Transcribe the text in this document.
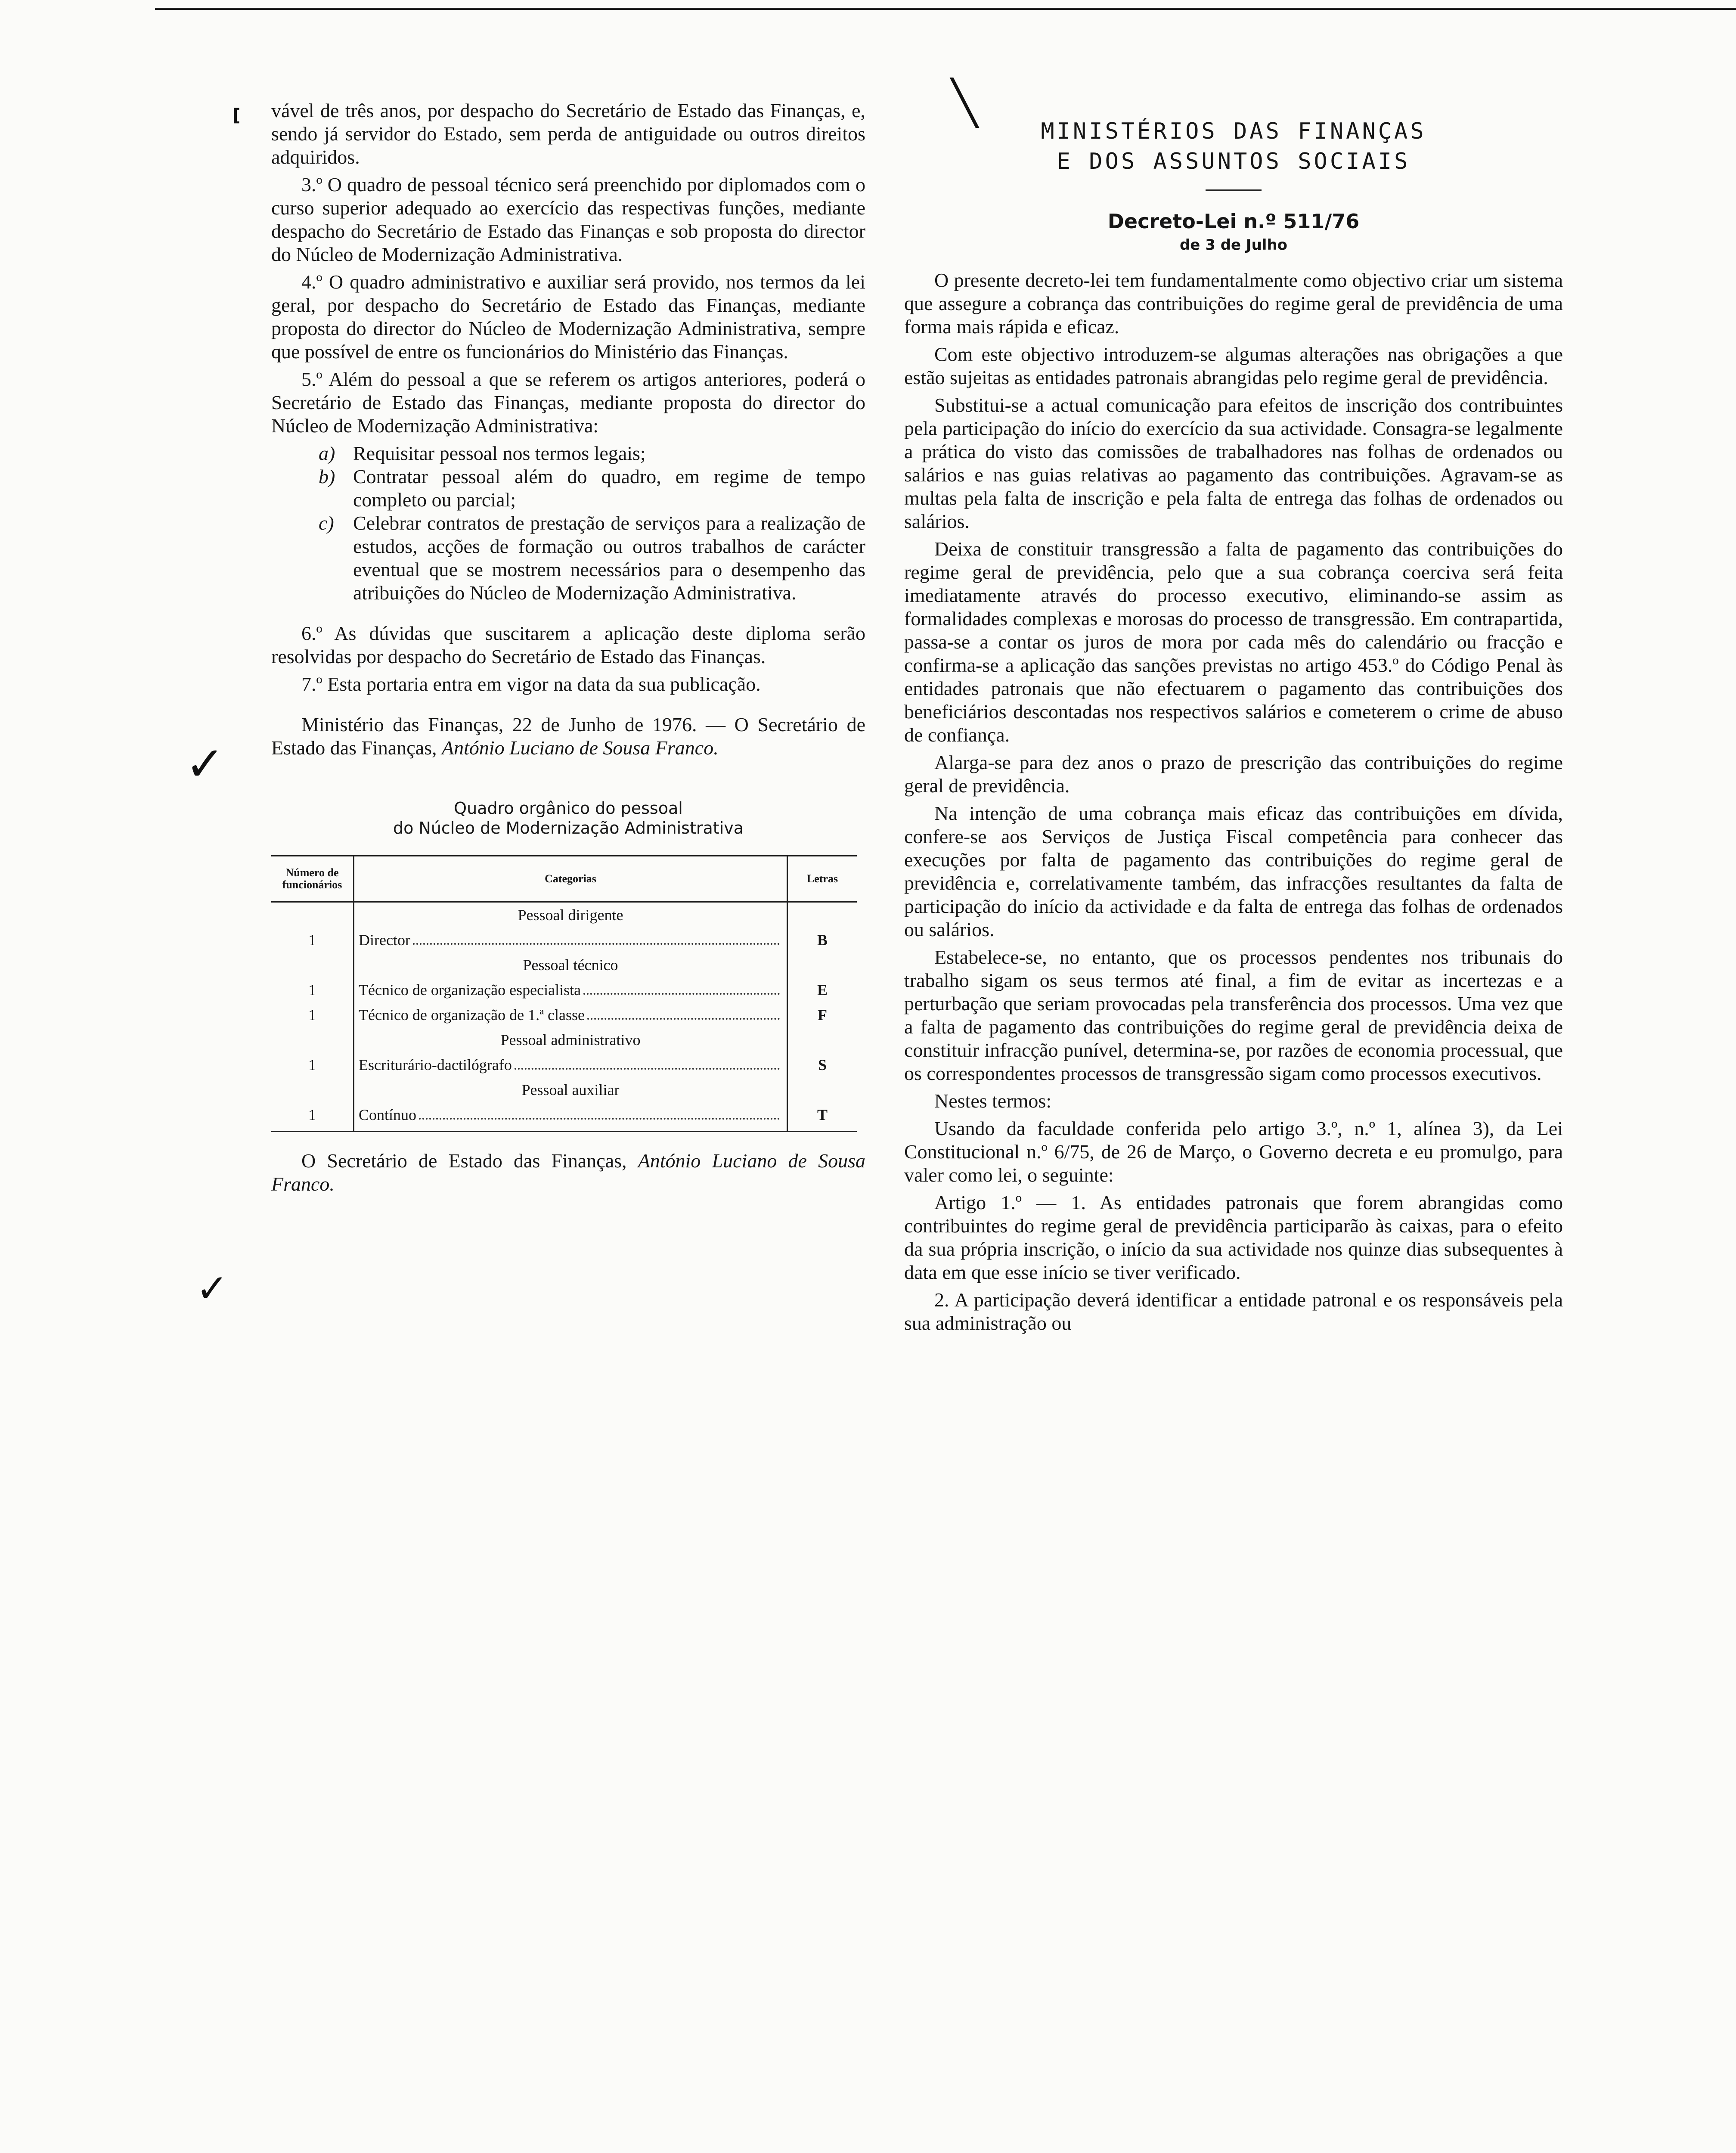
[
✓
✓
╲

vável de três anos, por despacho do Secretário de Estado das Finanças, e, sendo já servidor do Estado, sem perda de antiguidade ou outros direitos adquiridos.

3.º O quadro de pessoal técnico será preenchido por diplomados com o curso superior adequado ao exercício das respectivas funções, mediante despacho do Secretário de Estado das Finanças e sob proposta do director do Núcleo de Modernização Administrativa.

4.º O quadro administrativo e auxiliar será provido, nos termos da lei geral, por despacho do Secretário de Estado das Finanças, mediante proposta do director do Núcleo de Modernização Administrativa, sempre que possível de entre os funcionários do Ministério das Finanças.

5.º Além do pessoal a que se referem os artigos anteriores, poderá o Secretário de Estado das Finanças, mediante proposta do director do Núcleo de Modernização Administrativa:

a) Requisitar pessoal nos termos legais;
b) Contratar pessoal além do quadro, em regime de tempo completo ou parcial;
c) Celebrar contratos de prestação de serviços para a realização de estudos, acções de formação ou outros trabalhos de carácter eventual que se mostrem necessários para o desempenho das atribuições do Núcleo de Modernização Administrativa.

6.º As dúvidas que suscitarem a aplicação deste diploma serão resolvidas por despacho do Secretário de Estado das Finanças.

7.º Esta portaria entra em vigor na data da sua publicação.

Ministério das Finanças, 22 de Junho de 1976. — O Secretário de Estado das Finanças, António Luciano de Sousa Franco.

Quadro orgânico do pessoal
do Núcleo de Modernização Administrativa
Número de funcionários	Categorias	Letras
	Pessoal dirigente	
1	Director	B
	Pessoal técnico	
1	Técnico de organização especialista	E
1	Técnico de organização de 1.ª classe	F
	Pessoal administrativo	
1	Escriturário-dactilógrafo	S
	Pessoal auxiliar	
1	Contínuo	T

O Secretário de Estado das Finanças, António Luciano de Sousa Franco.

MINISTÉRIOS DAS FINANÇAS
E DOS ASSUNTOS SOCIAIS
Decreto-Lei n.º 511/76
de 3 de Julho

O presente decreto-lei tem fundamentalmente como objectivo criar um sistema que assegure a cobrança das contribuições do regime geral de previdência de uma forma mais rápida e eficaz.

Com este objectivo introduzem-se algumas alterações nas obrigações a que estão sujeitas as entidades patronais abrangidas pelo regime geral de previdência.

Substitui-se a actual comunicação para efeitos de inscrição dos contribuintes pela participação do início do exercício da sua actividade. Consagra-se legalmente a prática do visto das comissões de trabalhadores nas folhas de ordenados ou salários e nas guias relativas ao pagamento das contribuições. Agravam-se as multas pela falta de inscrição e pela falta de entrega das folhas de ordenados ou salários.

Deixa de constituir transgressão a falta de pagamento das contribuições do regime geral de previdência, pelo que a sua cobrança coerciva será feita imediatamente através do processo executivo, eliminando-se assim as formalidades complexas e morosas do processo de transgressão. Em contrapartida, passa-se a contar os juros de mora por cada mês do calendário ou fracção e confirma-se a aplicação das sanções previstas no artigo 453.º do Código Penal às entidades patronais que não efectuarem o pagamento das contribuições dos beneficiários descontadas nos respectivos salários e cometerem o crime de abuso de confiança.

Alarga-se para dez anos o prazo de prescrição das contribuições do regime geral de previdência.

Na intenção de uma cobrança mais eficaz das contribuições em dívida, confere-se aos Serviços de Justiça Fiscal competência para conhecer das execuções por falta de pagamento das contribuições do regime geral de previdência e, correlativamente também, das infracções resultantes da falta de participação do início da actividade e da falta de entrega das folhas de ordenados ou salários.

Estabelece-se, no entanto, que os processos pendentes nos tribunais do trabalho sigam os seus termos até final, a fim de evitar as incertezas e a perturbação que seriam provocadas pela transferência dos processos. Uma vez que a falta de pagamento das contribuições do regime geral de previdência deixa de constituir infracção punível, determina-se, por razões de economia processual, que os correspondentes processos de transgressão sigam como processos executivos.

Nestes termos:

Usando da faculdade conferida pelo artigo 3.º, n.º 1, alínea 3), da Lei Constitucional n.º 6/75, de 26 de Março, o Governo decreta e eu promulgo, para valer como lei, o seguinte:

Artigo 1.º — 1. As entidades patronais que forem abrangidas como contribuintes do regime geral de previdência participarão às caixas, para o efeito da sua própria inscrição, o início da sua actividade nos quinze dias subsequentes à data em que esse início se tiver verificado.

2. A participação deverá identificar a entidade patronal e os responsáveis pela sua administração ou
